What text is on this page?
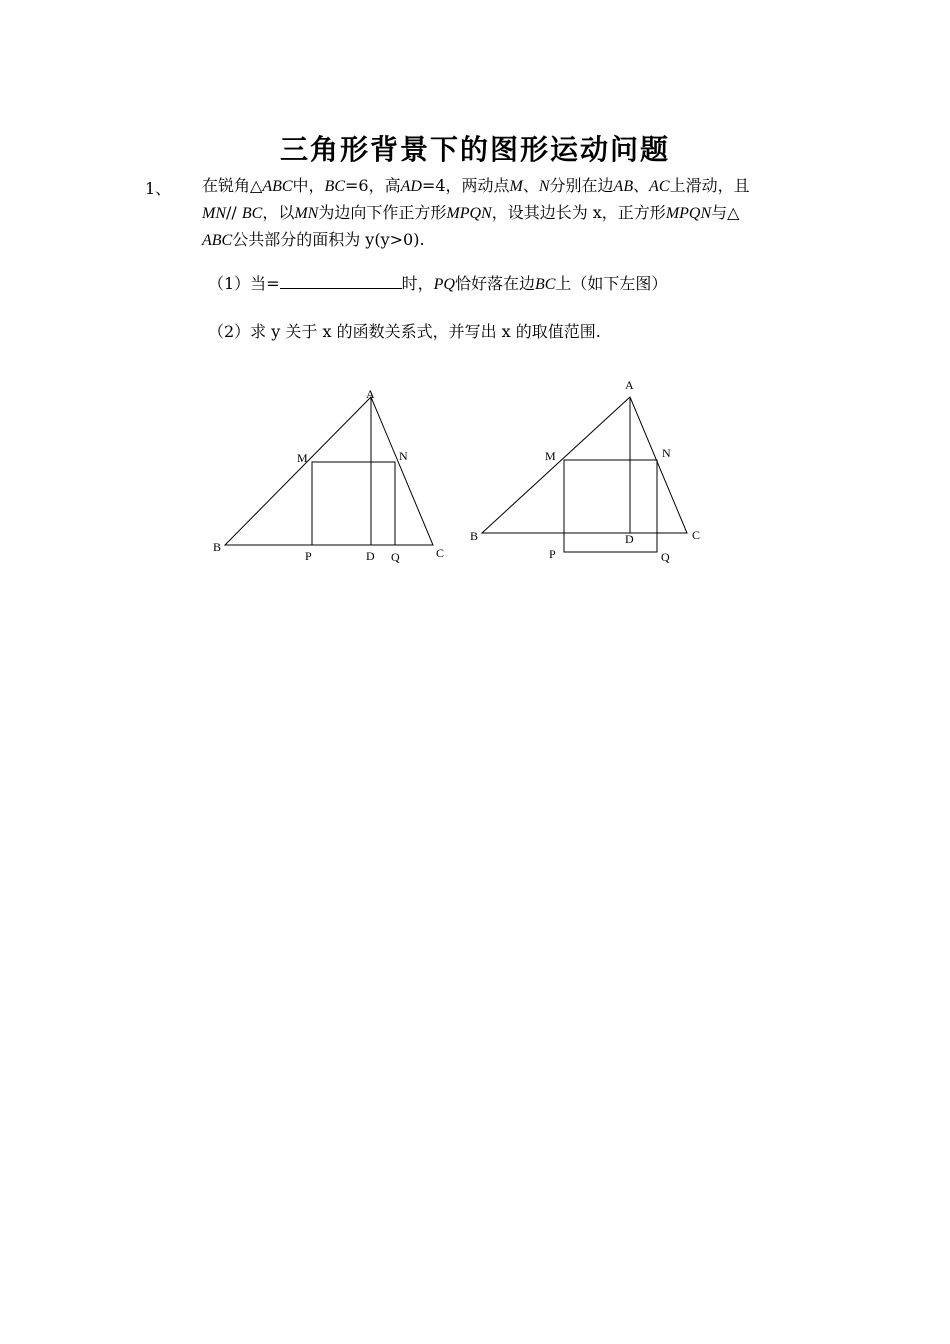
三角形背景下的图形运动问题
1、 在锐角△ABC中，BC=6，高AD=4，两动点M、N分别在边AB、AC上滑动，且
MN// BC，以MN为边向下作正方形MPQN，设其边长为 x，正方形MPQN与△
ABC公共部分的面积为 y(y>0).
（1）当=	时，PQ恰好落在边BC上（如下左图）
（2）求 y 关于 x 的函数关系式，并写出 x 的取值范围.
A
B	C
D
M	N
P	Q
A
B	C
D
M	N
P	Q
